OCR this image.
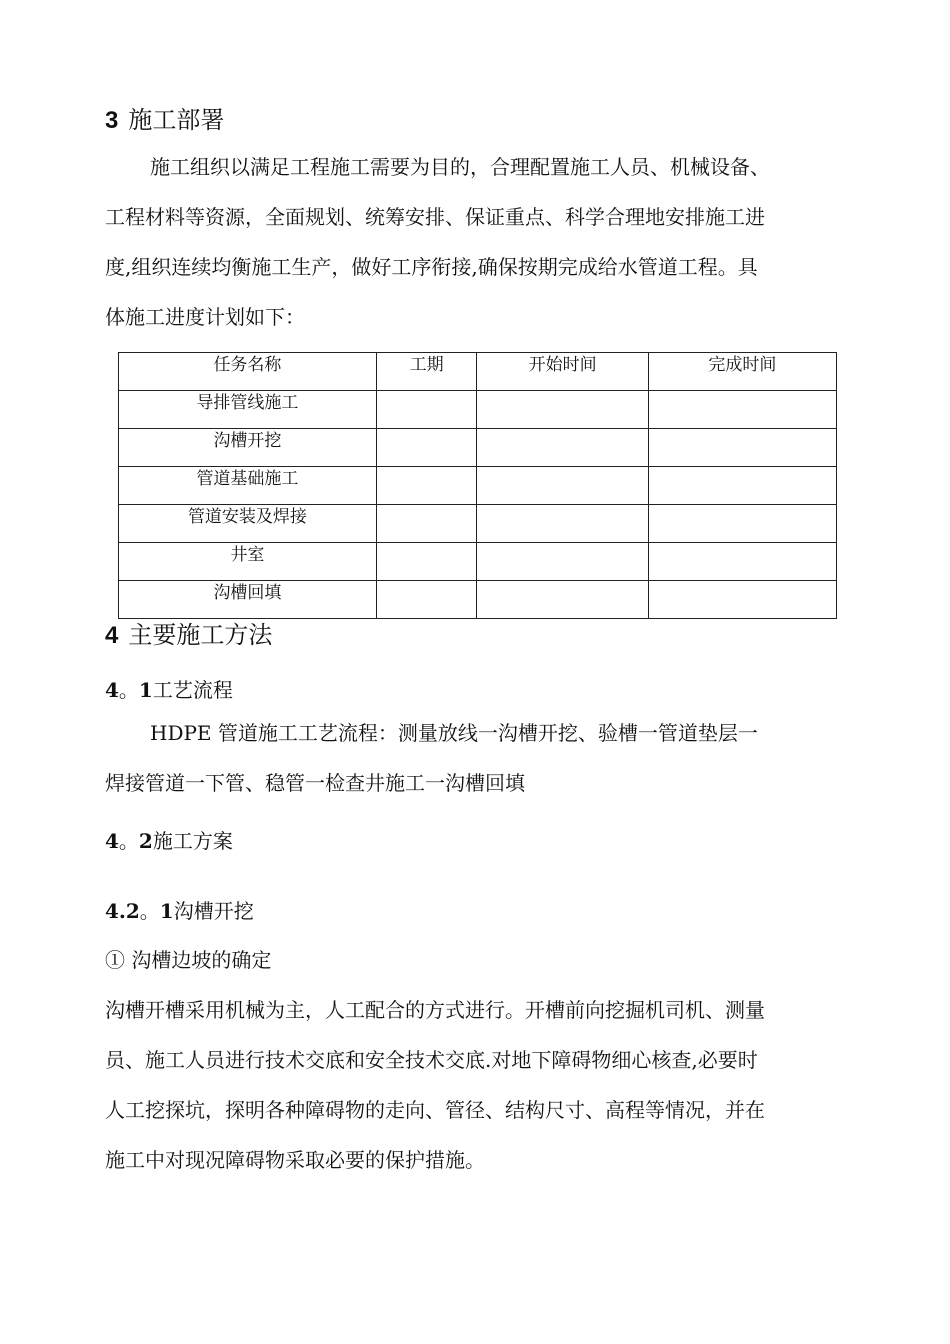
3 施工部署
施工组织以满足工程施工需要为目的，合理配置施工人员、机械设备、
工程材料等资源，全面规划、统筹安排、保证重点、科学合理地安排施工进
度,组织连续均衡施工生产，做好工序衔接,确保按期完成给水管道工程。具
体施工进度计划如下：
任务名称	工期	开始时间	完成时间
导排管线施工			
沟槽开挖			
管道基础施工			
管道安装及焊接			
井室			
沟槽回填			
4 主要施工方法
4。1工艺流程
HDPE 管道施工工艺流程：测量放线一沟槽开挖、验槽一管道垫层一
焊接管道一下管、稳管一检查井施工一沟槽回填
4。2施工方案
4.2。1沟槽开挖
① 沟槽边坡的确定
沟槽开槽采用机械为主，人工配合的方式进行。开槽前向挖掘机司机、测量
员、施工人员进行技术交底和安全技术交底.对地下障碍物细心核查,必要时
人工挖探坑，探明各种障碍物的走向、管径、结构尺寸、高程等情况，并在
施工中对现况障碍物采取必要的保护措施。
